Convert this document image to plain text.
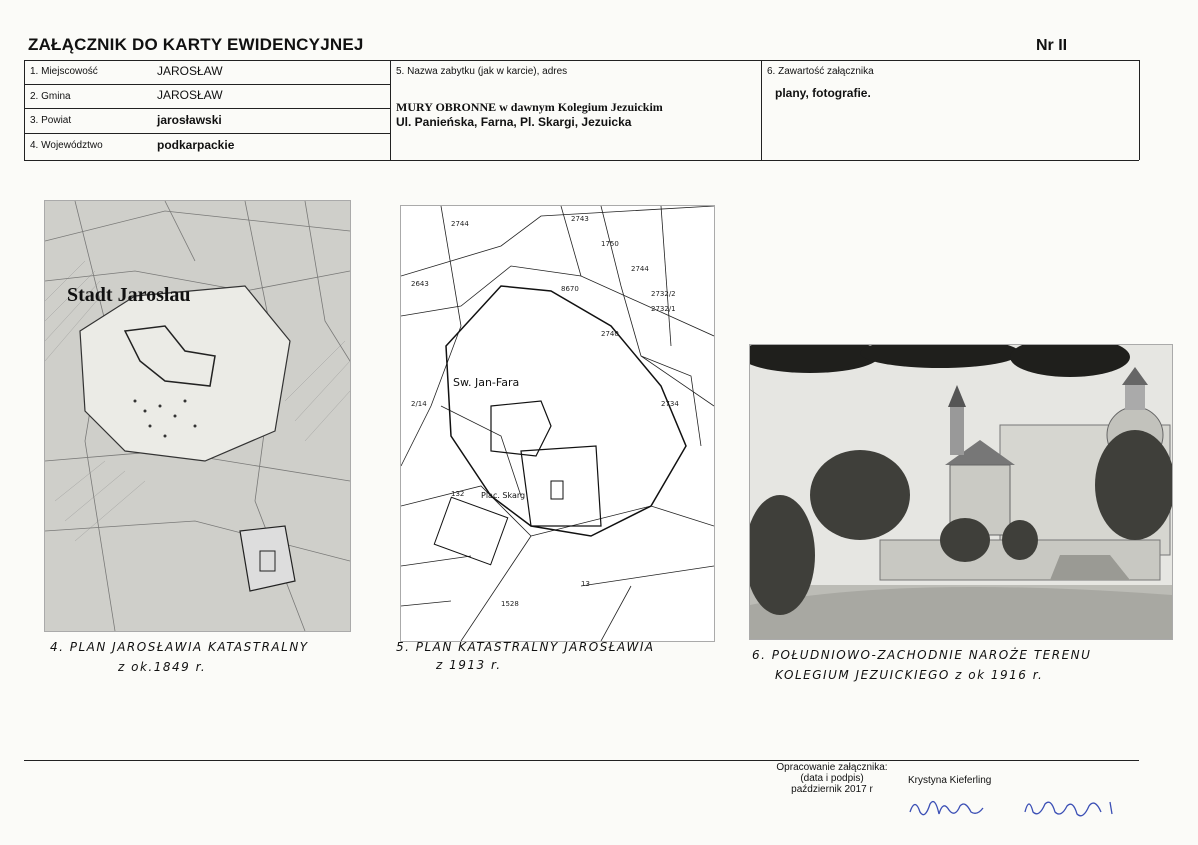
ZAŁĄCZNIK DO KARTY EWIDENCYJNEJ	Nr II
1. Miejscowość	JAROSŁAW
2. Gmina	JAROSŁAW
3. Powiat	jarosławski
4. Województwo	podkarpackie
5. Nazwa zabytku (jak w karcie), adres
MURY OBRONNE w dawnym Kolegium Jezuickim
Ul. Panieńska, Farna, Pl. Skargi, Jezuicka
6. Zawartość załącznika
plany, fotografie.
Stadt Jaroslau
2744
2743
1750
2744
2732/2
2732/1
2643
8670
2740
2734
2/14
1528
132
13
Sw. Jan-Fara
Plac. Skarg
4. PLAN JAROSŁAWIA KATASTRALNY
z ok.1849 r.
5. PLAN KATASTRALNY JAROSŁAWIA
z 1913 r.
6. POŁUDNIOWO-ZACHODNIE NAROŻE TERENU
KOLEGIUM JEZUICKIEGO z ok 1916 r.
Opracowanie załącznika:
(data i podpis)
październik 2017 r
Krystyna Kieferling
